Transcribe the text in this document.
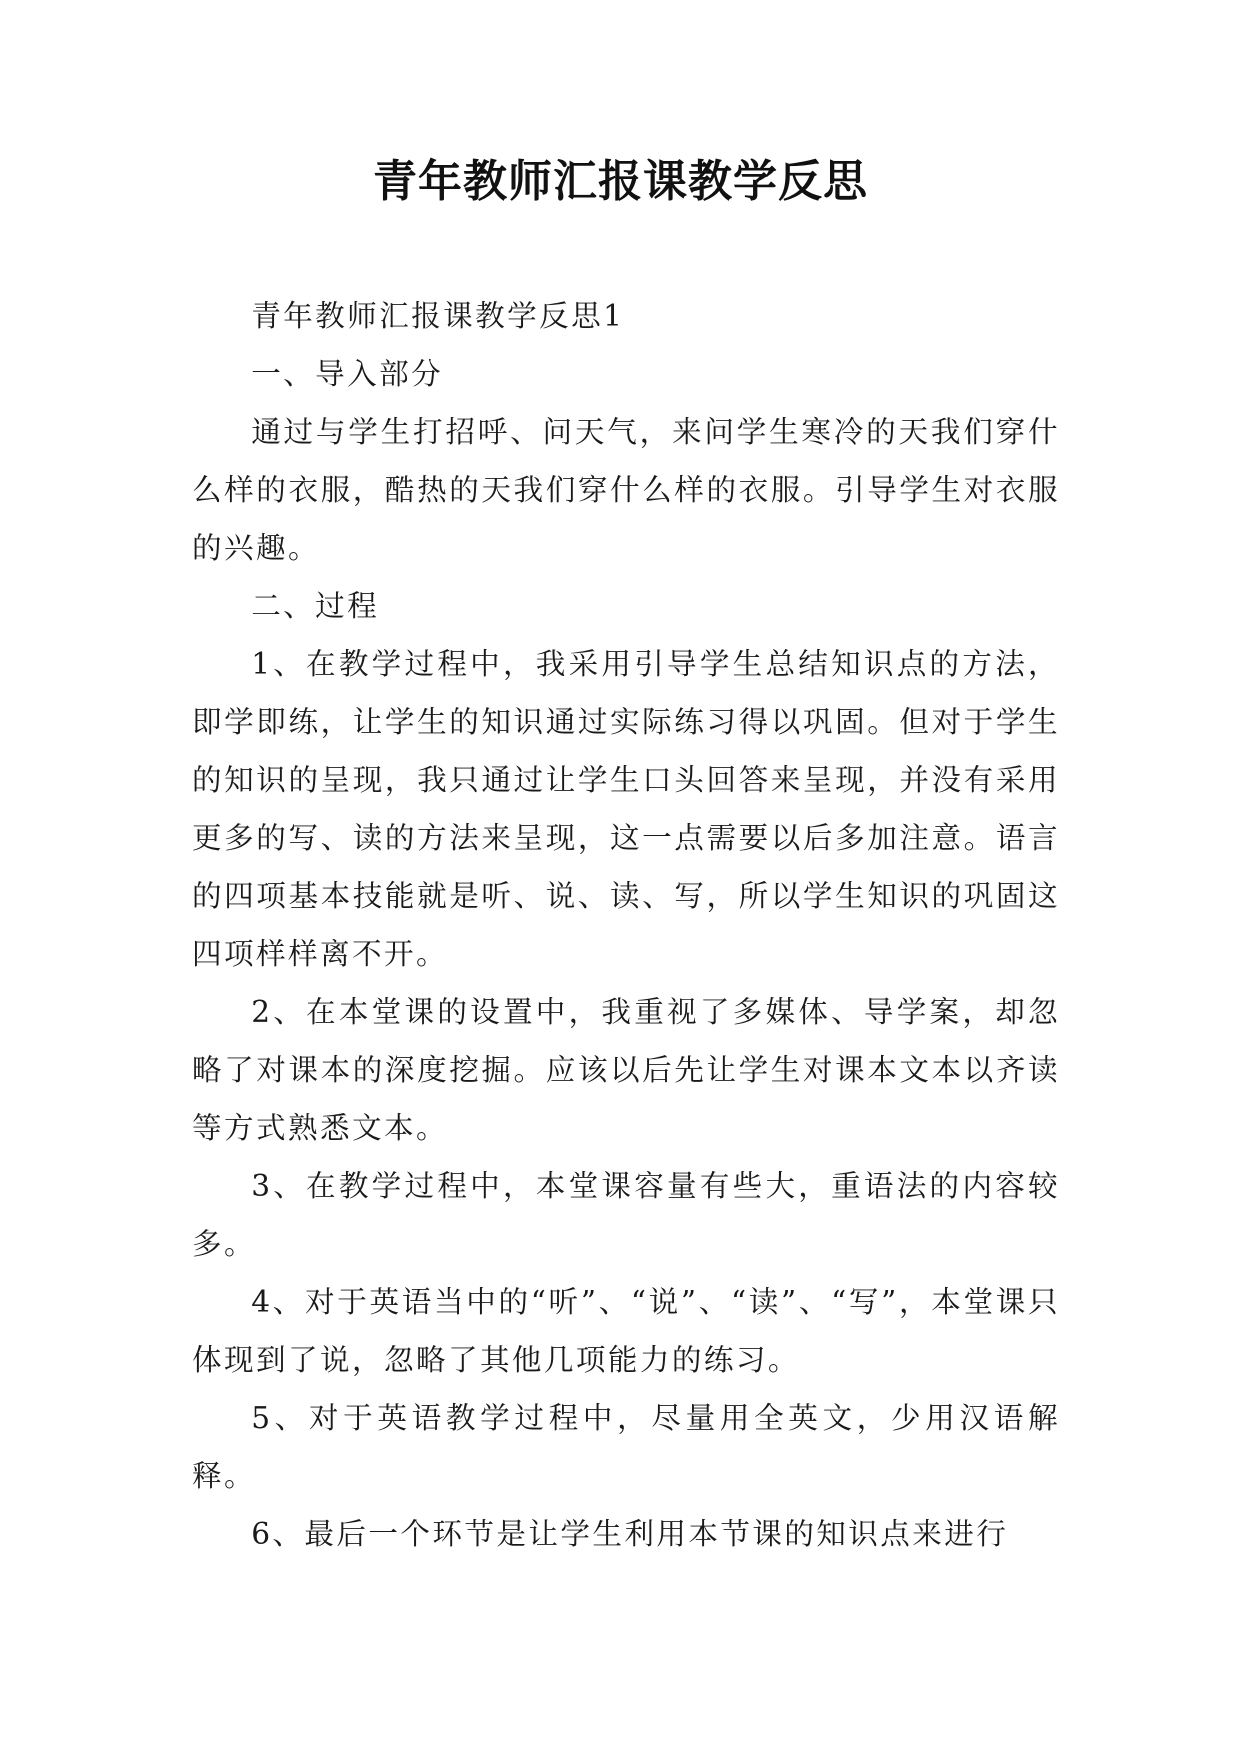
青年教师汇报课教学反思

青年教师汇报课教学反思1

一、导入部分

通过与学生打招呼、问天气，来问学生寒冷的天我们穿什么样的衣服，酷热的天我们穿什么样的衣服。引导学生对衣服的兴趣。

二、过程

1、在教学过程中，我采用引导学生总结知识点的方法，即学即练，让学生的知识通过实际练习得以巩固。但对于学生的知识的呈现，我只通过让学生口头回答来呈现，并没有采用更多的写、读的方法来呈现，这一点需要以后多加注意。语言的四项基本技能就是听、说、读、写，所以学生知识的巩固这四项样样离不开。

2、在本堂课的设置中，我重视了多媒体、导学案，却忽略了对课本的深度挖掘。应该以后先让学生对课本文本以齐读等方式熟悉文本。

3、在教学过程中，本堂课容量有些大，重语法的内容较多。

4、对于英语当中的“听”、“说”、“读”、“写”，本堂课只体现到了说，忽略了其他几项能力的练习。

5、对于英语教学过程中，尽量用全英文，少用汉语解释。

6、最后一个环节是让学生利用本节课的知识点来进行
